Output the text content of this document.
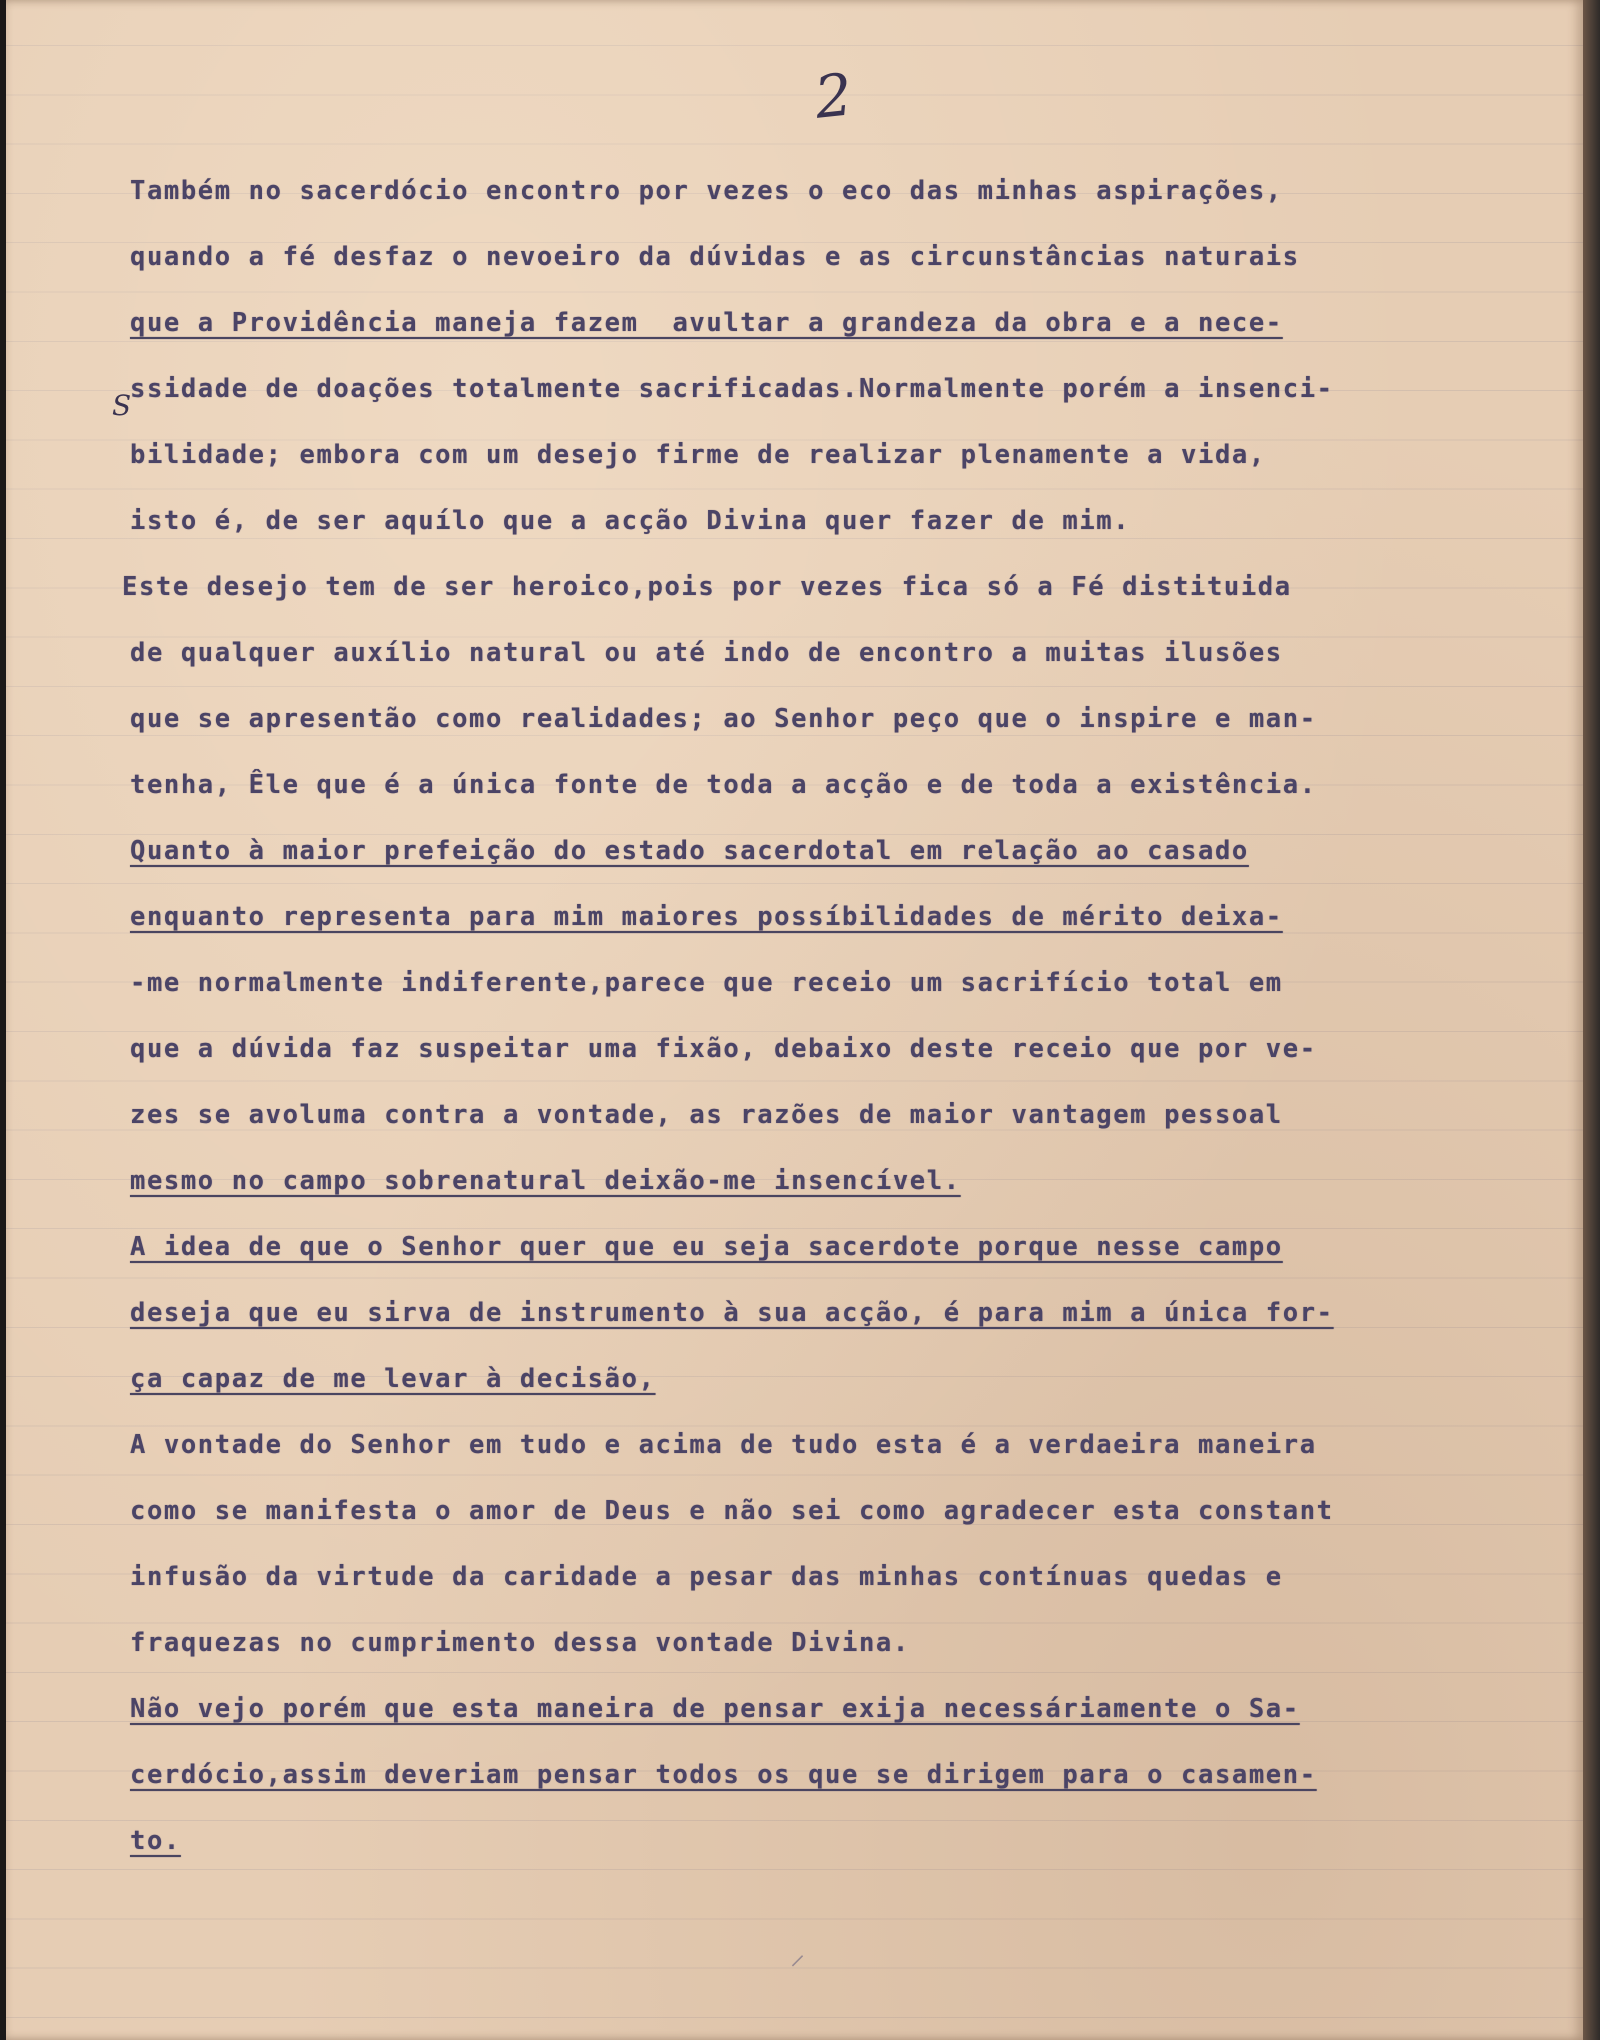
2
S
Também no sacerdócio encontro por vezes o eco das minhas aspirações,
quando a fé desfaz o nevoeiro da dúvidas e as circunstâncias naturais
que a Providência maneja fazem  avultar a grandeza da obra e a nece-
ssidade de doações totalmente sacrificadas.Normalmente porém a insenci-
bilidade; embora com um desejo firme de realizar plenamente a vida,
isto é, de ser aquílo que a acção Divina quer fazer de mim.
Este desejo tem de ser heroico,pois por vezes fica só a Fé distituida
de qualquer auxílio natural ou até indo de encontro a muitas ilusões
que se apresentão como realidades; ao Senhor peço que o inspire e man-
tenha, Êle que é a única fonte de toda a acção e de toda a existência.
Quanto à maior prefeição do estado sacerdotal em relação ao casado
enquanto representa para mim maiores possíbilidades de mérito deixa-
-me normalmente indiferente,parece que receio um sacrifício total em
que a dúvida faz suspeitar uma fixão, debaixo deste receio que por ve-
zes se avoluma contra a vontade, as razões de maior vantagem pessoal
mesmo no campo sobrenatural deixão-me insencível.
A idea de que o Senhor quer que eu seja sacerdote porque nesse campo
deseja que eu sirva de instrumento à sua acção, é para mim a única for-
ça capaz de me levar à decisão,
A vontade do Senhor em tudo e acima de tudo esta é a verdaeira maneira
como se manifesta o amor de Deus e não sei como agradecer esta constant
infusão da virtude da caridade a pesar das minhas contínuas quedas e
fraquezas no cumprimento dessa vontade Divina.
Não vejo porém que esta maneira de pensar exija necessáriamente o Sa-
cerdócio,assim deveriam pensar todos os que se dirigem para o casamen-
to.
⸝
